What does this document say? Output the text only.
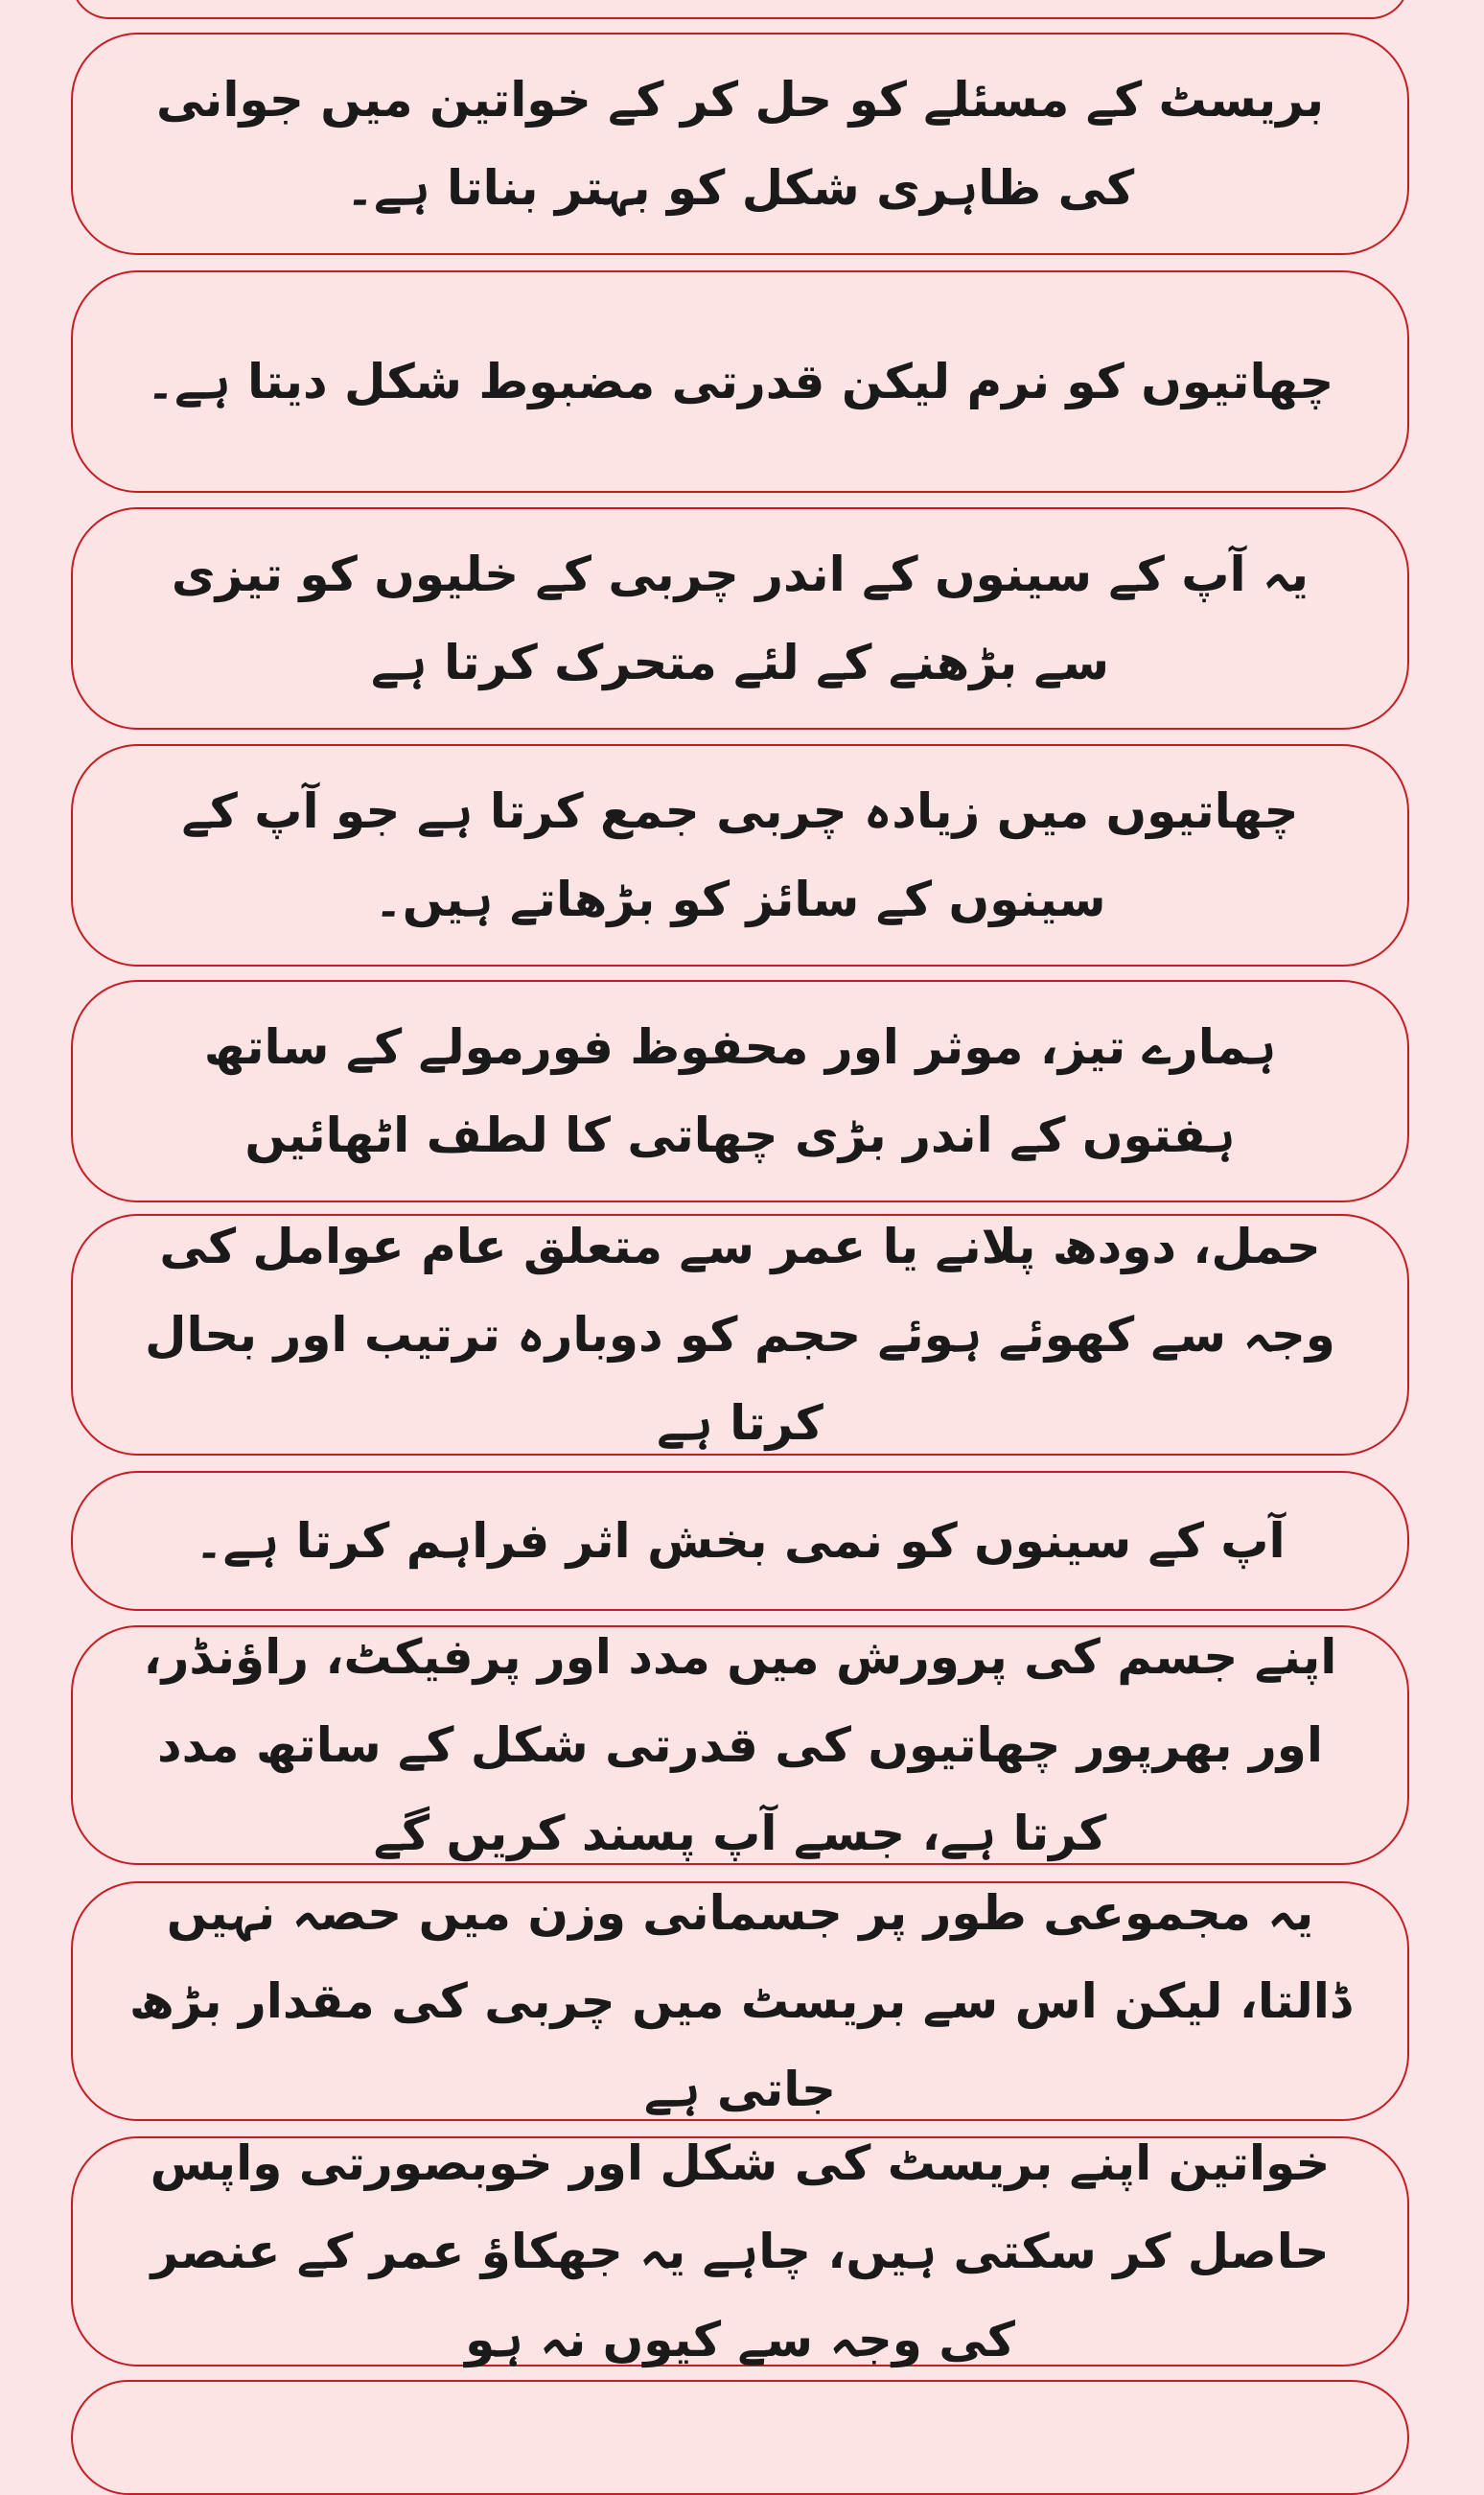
بریسٹ کے مسئلے کو حل کر کے خواتین میں جوانی کی ظاہری شکل کو بہتر بناتا ہے۔
چھاتیوں کو نرم لیکن قدرتی مضبوط شکل دیتا ہے۔
یہ آپ کے سینوں کے اندر چربی کے خلیوں کو تیزی سے بڑھنے کے لئے متحرک کرتا ہے
چھاتیوں میں زیادہ چربی جمع کرتا ہے جو آپ کے سینوں کے سائز کو بڑھاتے ہیں۔
ہمارے تیز، موثر اور محفوظ فورمولے کے ساتھ ہفتوں کے اندر بڑی چھاتی کا لطف اٹھائیں
حمل، دودھ پلانے یا عمر سے متعلق عام عوامل کی وجہ سے کھوئے ہوئے حجم کو دوبارہ ترتیب اور بحال کرتا ہے
آپ کے سینوں کو نمی بخش اثر فراہم کرتا ہے۔
اپنے جسم کی پرورش میں مدد اور پرفیکٹ، راؤنڈر، اور بھرپور چھاتیوں کی قدرتی شکل کے ساتھ مدد کرتا ہے، جسے آپ پسند کریں گے
یہ مجموعی طور پر جسمانی وزن میں حصہ نہیں ڈالتا، لیکن اس سے بریسٹ میں چربی کی مقدار بڑھ جاتی ہے
خواتین اپنے بریسٹ کی شکل اور خوبصورتی واپس حاصل کر سکتی ہیں، چاہے یہ جھکاؤ عمر کے عنصر کی وجہ سے کیوں نہ ہو
